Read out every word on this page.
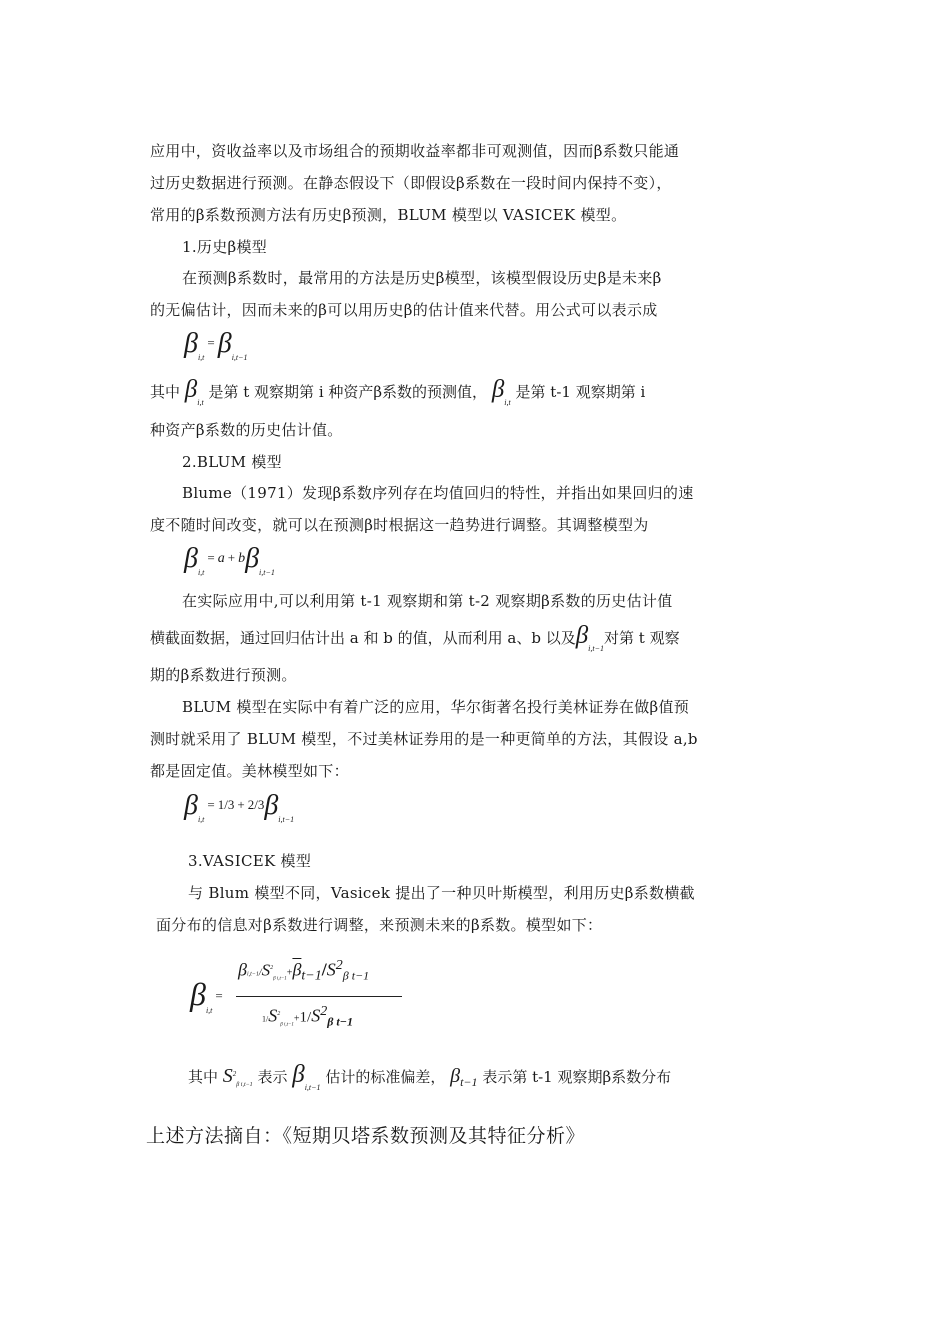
应用中，资收益率以及市场组合的预期收益率都非可观测值，因而β系数只能通
过历史数据进行预测。在静态假设下（即假设β系数在一段时间内保持不变），
常用的β系数预测方法有历史β预测，BLUM 模型以 VASICEK 模型。
1.历史β模型
在预测β系数时，最常用的方法是历史β模型，该模型假设历史β是未来β
的无偏估计，因而未来的β可以用历史β的估计值来代替。用公式可以表示成
$\beta_{i,t}^=$ $\beta_{i,t-1}$
其中 $\beta_{i,t}$ 是第 t 观察期第 i 种资产β系数的预测值， $\beta_{i,t}$ 是第 t-1 观察期第 i
种资产β系数的历史估计值。
2.BLUM 模型
Blume（1971）发现β系数序列存在均值回归的特性，并指出如果回归的速
度不随时间改变，就可以在预测β时根据这一趋势进行调整。其调整模型为
$\beta_{i,t}^=$ a + $b\beta_{i,t-1}$
在实际应用中,可以利用第 t-1 观察期和第 t-2 观察期β系数的历史估计值
横截面数据，通过回归估计出 a 和 b 的值，从而利用 a、b 以及$\beta_{i,t-1}$对第 t 观察
期的β系数进行预测。
BLUM 模型在实际中有着广泛的应用，华尔街著名投行美林证券在做β值预
测时就采用了 BLUM 模型，不过美林证券用的是一种更简单的方法，其假设 a,b
都是固定值。美林模型如下：
$\beta_{i,t}^=$ $^{1/3}$ + $^{2/3}\beta_{i,t-1}$
3.VASICEK 模型
与 Blum 模型不同，Vasicek 提出了一种贝叶斯模型，利用历史β系数横截
面分布的信息对β系数进行调整，来预测未来的β系数。模型如下：
$\beta_{i,t}^=$
$\beta i,t-1/S^2_{\beta i,t-1}+\overline{\beta}_{t-1}/S^2_{\beta t-1}$
$1/S^2_{\beta i,t-1}+1/S^2_{\beta t-1}$
其中 $S^2_{\beta i,t-1}$ 表示 $\beta_{i,t-1}$ 估计的标准偏差， $\beta_{t-1}$ 表示第 t-1 观察期β系数分布
上述方法摘自：《短期贝塔系数预测及其特征分析》
